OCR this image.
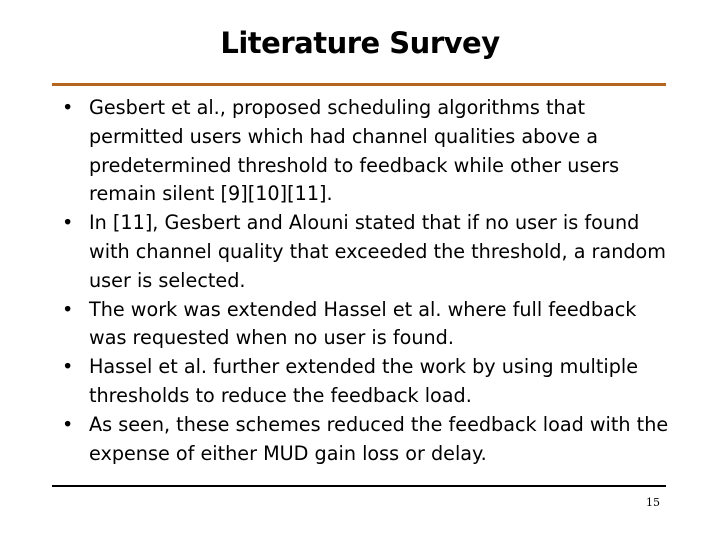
Literature Survey
• Gesbert et al., proposed scheduling algorithms that permitted users which had channel qualities above a predetermined threshold to feedback while other users remain silent [9][10][11].
• In [11], Gesbert and Alouni stated that if no user is found with channel quality that exceeded the threshold, a random user is selected.
• The work was extended Hassel et al. where full feedback was requested when no user is found.
• Hassel et al. further extended the work by using multiple thresholds to reduce the feedback load.
• As seen, these schemes reduced the feedback load with the expense of either MUD gain loss or delay.
15
